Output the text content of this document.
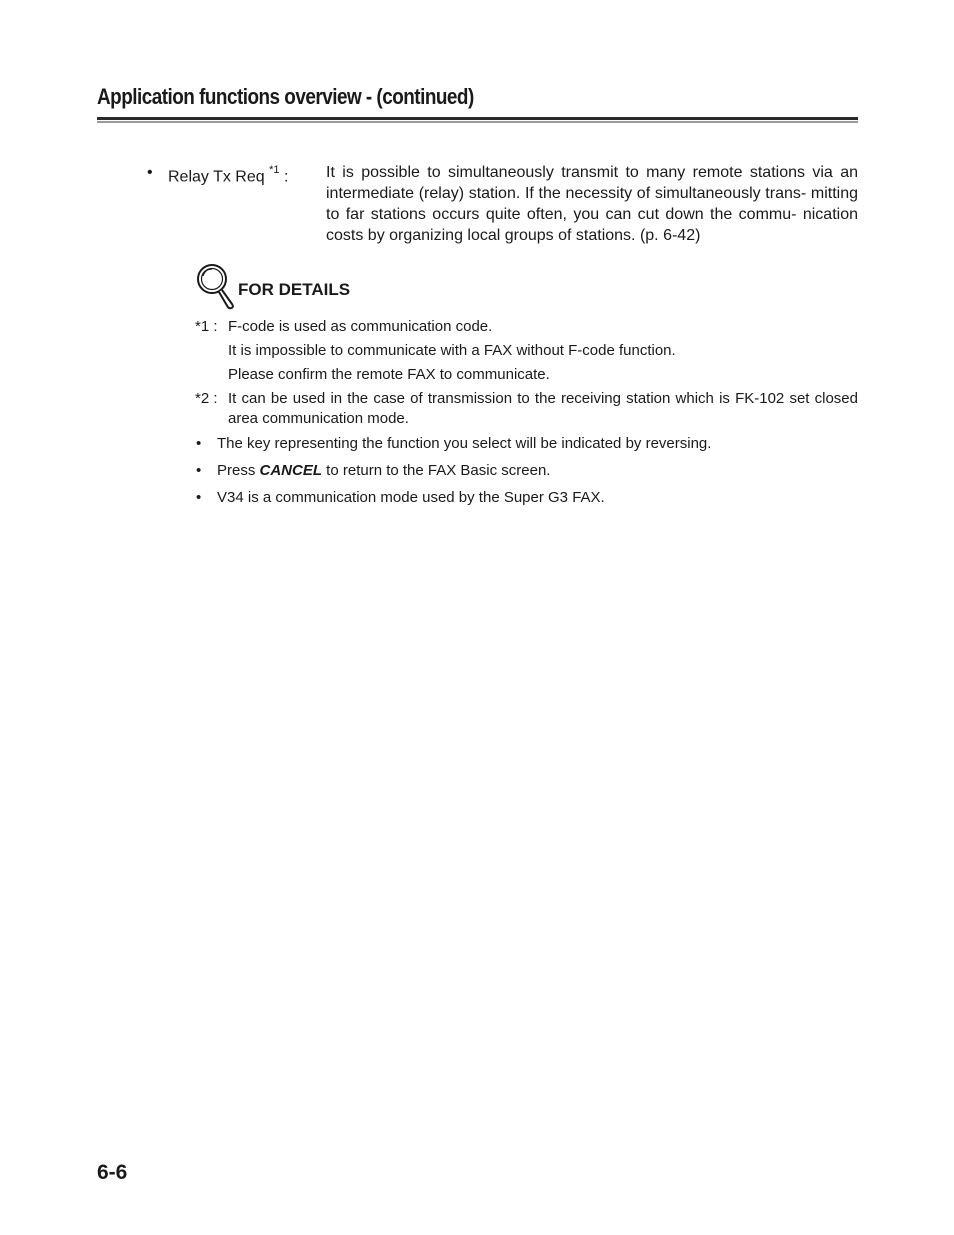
Application functions overview - (continued)
• Relay Tx Req $^{*1}$ : It is possible to simultaneously transmit to many remote stations via an intermediate (relay) station. If the necessity of simultaneously trans- mitting to far stations occurs quite often, you can cut down the commu- nication costs by organizing local groups of stations. (p. 6-42)
FOR DETAILS
*1 : F-code is used as communication code.
It is impossible to communicate with a FAX without F-code function.
Please confirm the remote FAX to communicate.
*2 : It can be used in the case of transmission to the receiving station which is FK-102 set closed area communication mode.
• The key representing the function you select will be indicated by reversing.
• Press CANCEL to return to the FAX Basic screen.
• V34 is a communication mode used by the Super G3 FAX.
6-6
